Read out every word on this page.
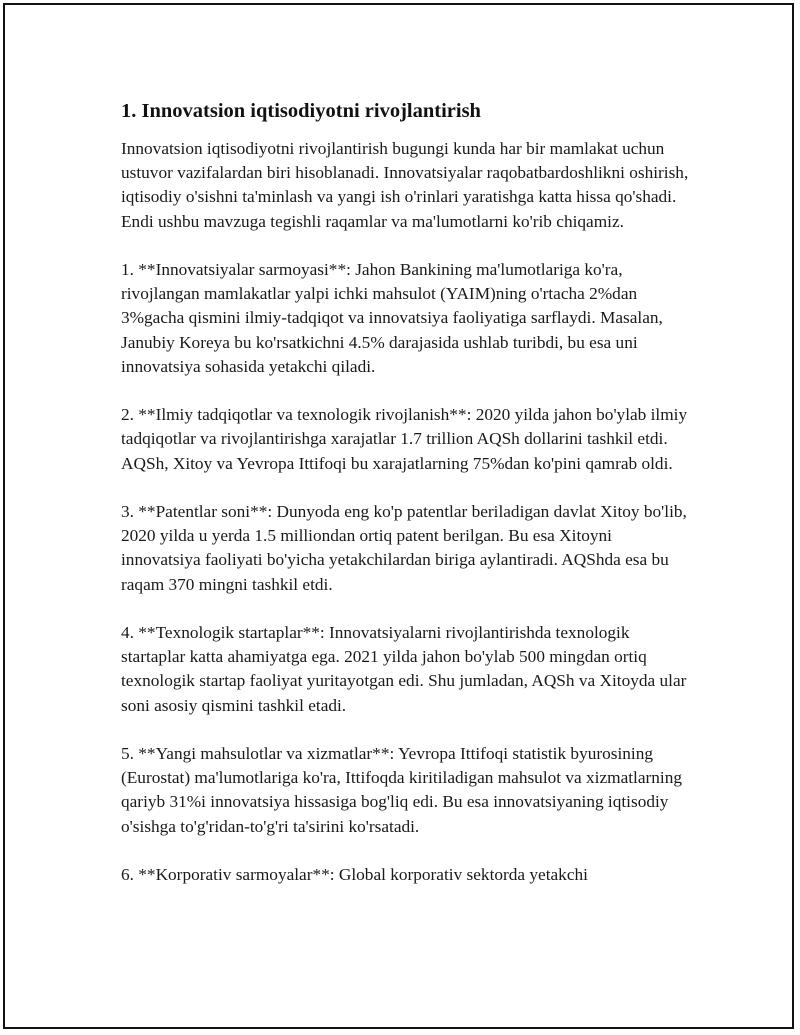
1. Innovatsion iqtisodiyotni rivojlantirish

Innovatsion iqtisodiyotni rivojlantirish bugungi kunda har bir mamlakat uchun ustuvor vazifalardan biri hisoblanadi. Innovatsiyalar raqobatbardoshlikni oshirish, iqtisodiy o'sishni ta'minlash va yangi ish o'rinlari yaratishga katta hissa qo'shadi. Endi ushbu mavzuga tegishli raqamlar va ma'lumotlarni ko'rib chiqamiz.

1. **Innovatsiyalar sarmoyasi**: Jahon Bankining ma'lumotlariga ko'ra, rivojlangan mamlakatlar yalpi ichki mahsulot (YAIM)ning o'rtacha 2%dan 3%gacha qismini ilmiy-tadqiqot va innovatsiya faoliyatiga sarflaydi. Masalan, Janubiy Koreya bu ko'rsatkichni 4.5% darajasida ushlab turibdi, bu esa uni innovatsiya sohasida yetakchi qiladi.

2. **Ilmiy tadqiqotlar va texnologik rivojlanish**: 2020 yilda jahon bo'ylab ilmiy tadqiqotlar va rivojlantirishga xarajatlar 1.7 trillion AQSh dollarini tashkil etdi. AQSh, Xitoy va Yevropa Ittifoqi bu xarajatlarning 75%dan ko'pini qamrab oldi.

3. **Patentlar soni**: Dunyoda eng ko'p patentlar beriladigan davlat Xitoy bo'lib, 2020 yilda u yerda 1.5 milliondan ortiq patent berilgan. Bu esa Xitoyni innovatsiya faoliyati bo'yicha yetakchilardan biriga aylantiradi. AQShda esa bu raqam 370 mingni tashkil etdi.

4. **Texnologik startaplar**: Innovatsiyalarni rivojlantirishda texnologik startaplar katta ahamiyatga ega. 2021 yilda jahon bo'ylab 500 mingdan ortiq texnologik startap faoliyat yuritayotgan edi. Shu jumladan, AQSh va Xitoyda ular soni asosiy qismini tashkil etadi.

5. **Yangi mahsulotlar va xizmatlar**: Yevropa Ittifoqi statistik byurosining (Eurostat) ma'lumotlariga ko'ra, Ittifoqda kiritiladigan mahsulot va xizmatlarning qariyb 31%i innovatsiya hissasiga bog'liq edi. Bu esa innovatsiyaning iqtisodiy o'sishga to'g'ridan-to'g'ri ta'sirini ko'rsatadi.

6. **Korporativ sarmoyalar**: Global korporativ sektorda yetakchi
